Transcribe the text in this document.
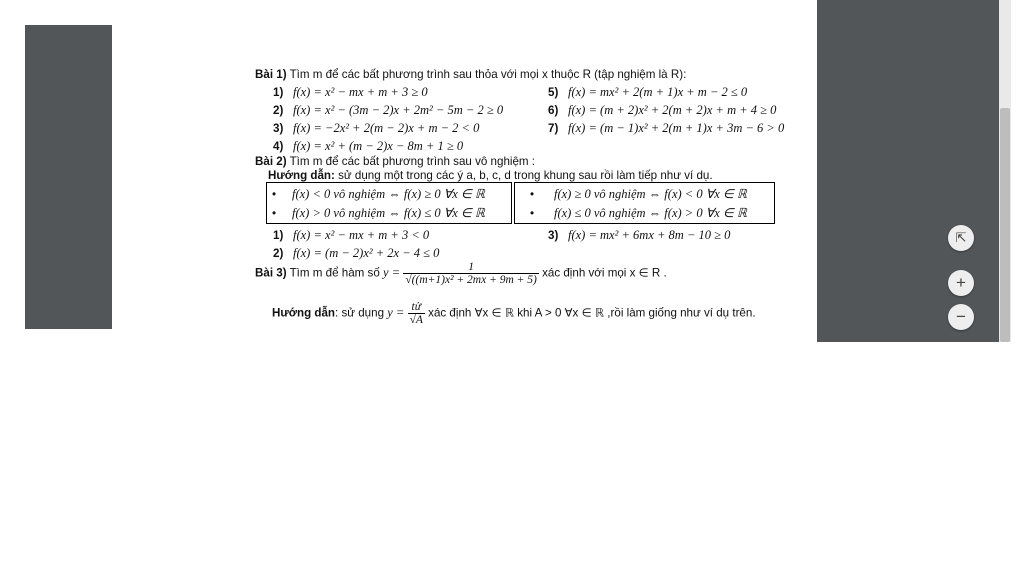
⇱
+
−
Bài 1) Tìm m để các bất phương trình sau thỏa với mọi x thuộc R (tập nghiệm là R):
1) f(x) = x² − mx + m + 3 ≥ 0
2) f(x) = x² − (3m − 2)x + 2m² − 5m − 2 ≥ 0
3) f(x) = −2x² + 2(m − 2)x + m − 2 < 0
4) f(x) = x² + (m − 2)x − 8m + 1 ≥ 0
5) f(x) = mx² + 2(m + 1)x + m − 2 ≤ 0
6) f(x) = (m + 2)x² + 2(m + 2)x + m + 4 ≥ 0
7) f(x) = (m − 1)x² + 2(m + 1)x + 3m − 6 > 0
Bài 2) Tìm m để các bất phương trình sau vô nghiệm :
Hướng dẫn: sử dụng một trong các ý a, b, c, d trong khung sau rồi làm tiếp như ví dụ.
• f(x) < 0 vô nghiệm ⇔ f(x) ≥ 0 ∀x ∈ ℝ
• f(x) > 0 vô nghiệm ⇔ f(x) ≤ 0 ∀x ∈ ℝ
• f(x) ≥ 0 vô nghiệm ⇔ f(x) < 0 ∀x ∈ ℝ
• f(x) ≤ 0 vô nghiệm ⇔ f(x) > 0 ∀x ∈ ℝ
1) f(x) = x² − mx + m + 3 < 0
2) f(x) = (m − 2)x² + 2x − 4 ≤ 0
3) f(x) = mx² + 6mx + 8m − 10 ≥ 0
Bài 3) Tìm m để hàm số $y = \frac{1}{\text{√((m+1)x² + 2mx + 9m + 5)}}$ xác định với mọi x ∈ R .
Hướng dẫn: sử dụng $y = \frac{\text{tử}}{√A}$ xác định ∀x ∈ ℝ khi A > 0 ∀x ∈ ℝ ,rồi làm giống như ví dụ trên.
